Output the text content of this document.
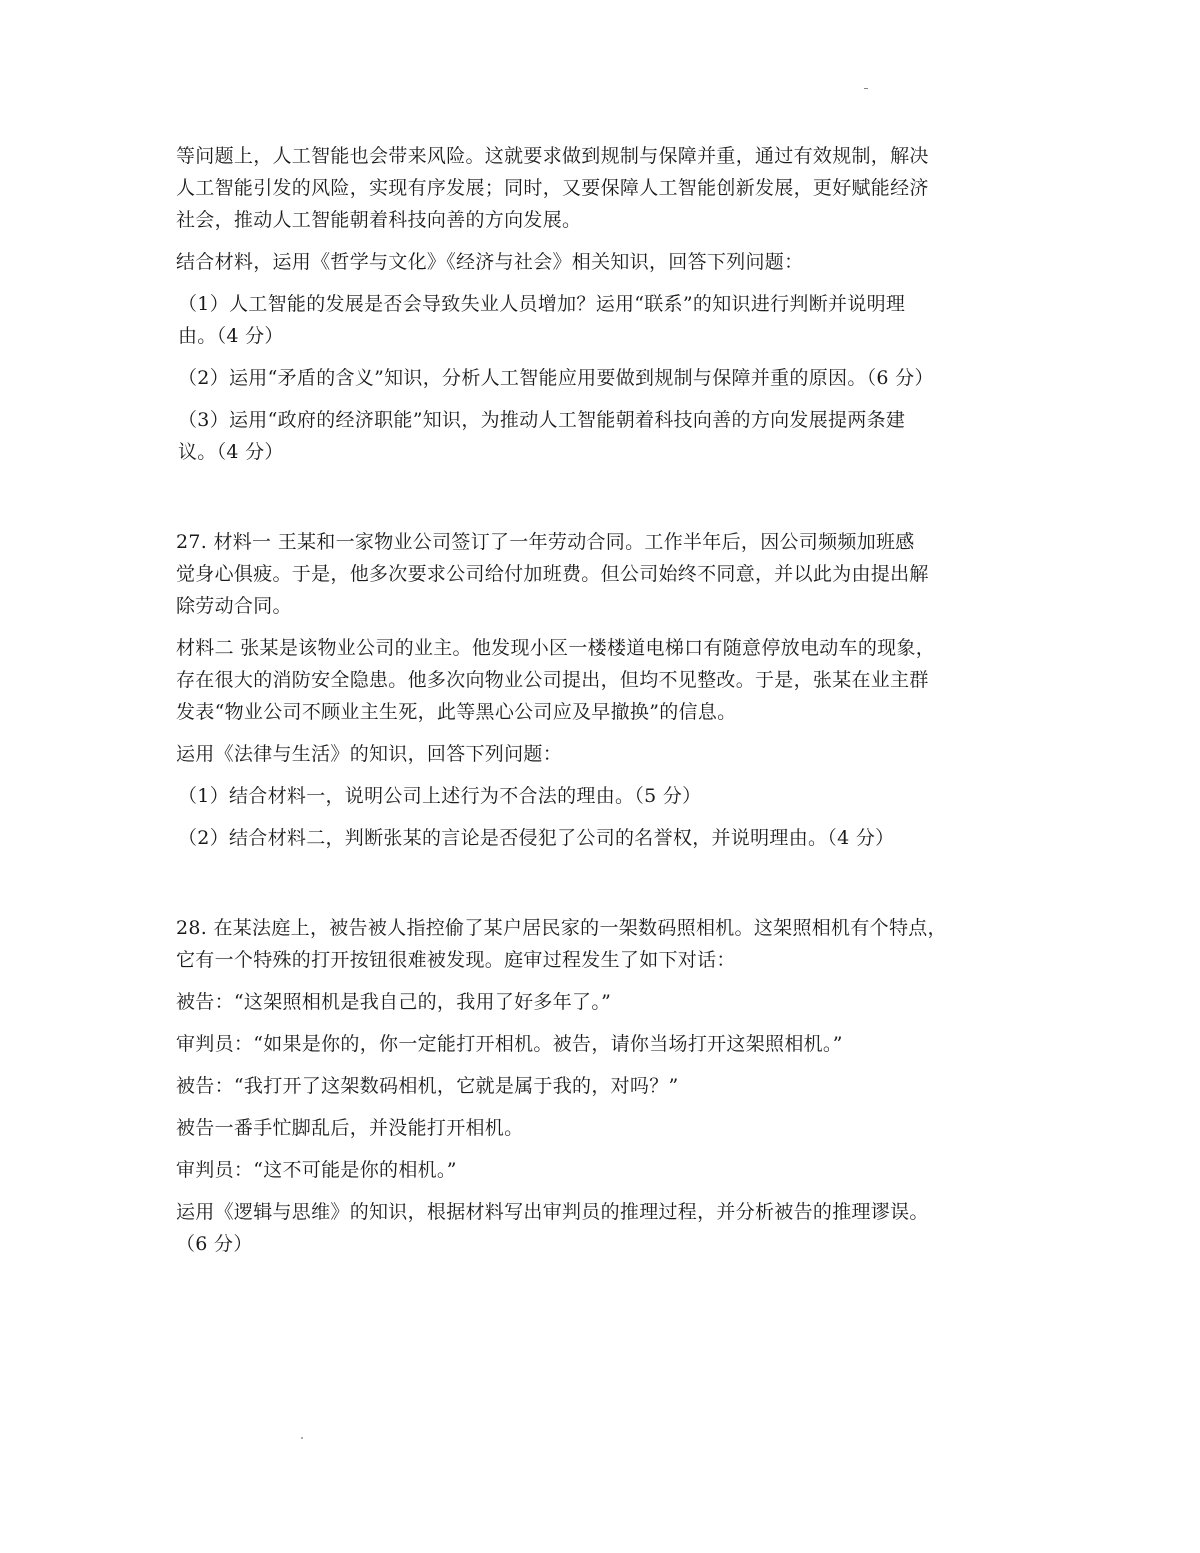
等问题上，人工智能也会带来风险。这就要求做到规制与保障并重，通过有效规制，解决
人工智能引发的风险，实现有序发展；同时，又要保障人工智能创新发展，更好赋能经济
社会，推动人工智能朝着科技向善的方向发展。
结合材料，运用《哲学与文化》《经济与社会》相关知识，回答下列问题：
（1）人工智能的发展是否会导致失业人员增加？运用“联系”的知识进行判断并说明理
由。（4 分）
（2）运用“矛盾的含义”知识，分析人工智能应用要做到规制与保障并重的原因。（6 分）
（3）运用“政府的经济职能”知识，为推动人工智能朝着科技向善的方向发展提两条建
议。（4 分）
27. 材料一 王某和一家物业公司签订了一年劳动合同。工作半年后，因公司频频加班感
觉身心俱疲。于是，他多次要求公司给付加班费。但公司始终不同意，并以此为由提出解
除劳动合同。
材料二 张某是该物业公司的业主。他发现小区一楼楼道电梯口有随意停放电动车的现象，
存在很大的消防安全隐患。他多次向物业公司提出，但均不见整改。于是，张某在业主群
发表“物业公司不顾业主生死，此等黑心公司应及早撤换”的信息。
运用《法律与生活》的知识，回答下列问题：
（1）结合材料一，说明公司上述行为不合法的理由。（5 分）
（2）结合材料二，判断张某的言论是否侵犯了公司的名誉权，并说明理由。（4 分）
28. 在某法庭上，被告被人指控偷了某户居民家的一架数码照相机。这架照相机有个特点，
它有一个特殊的打开按钮很难被发现。庭审过程发生了如下对话：
被告：“这架照相机是我自己的，我用了好多年了。”
审判员：“如果是你的，你一定能打开相机。被告，请你当场打开这架照相机。”
被告：“我打开了这架数码相机，它就是属于我的，对吗？”
被告一番手忙脚乱后，并没能打开相机。
审判员：“这不可能是你的相机。”
运用《逻辑与思维》的知识，根据材料写出审判员的推理过程，并分析被告的推理谬误。
（6 分）
